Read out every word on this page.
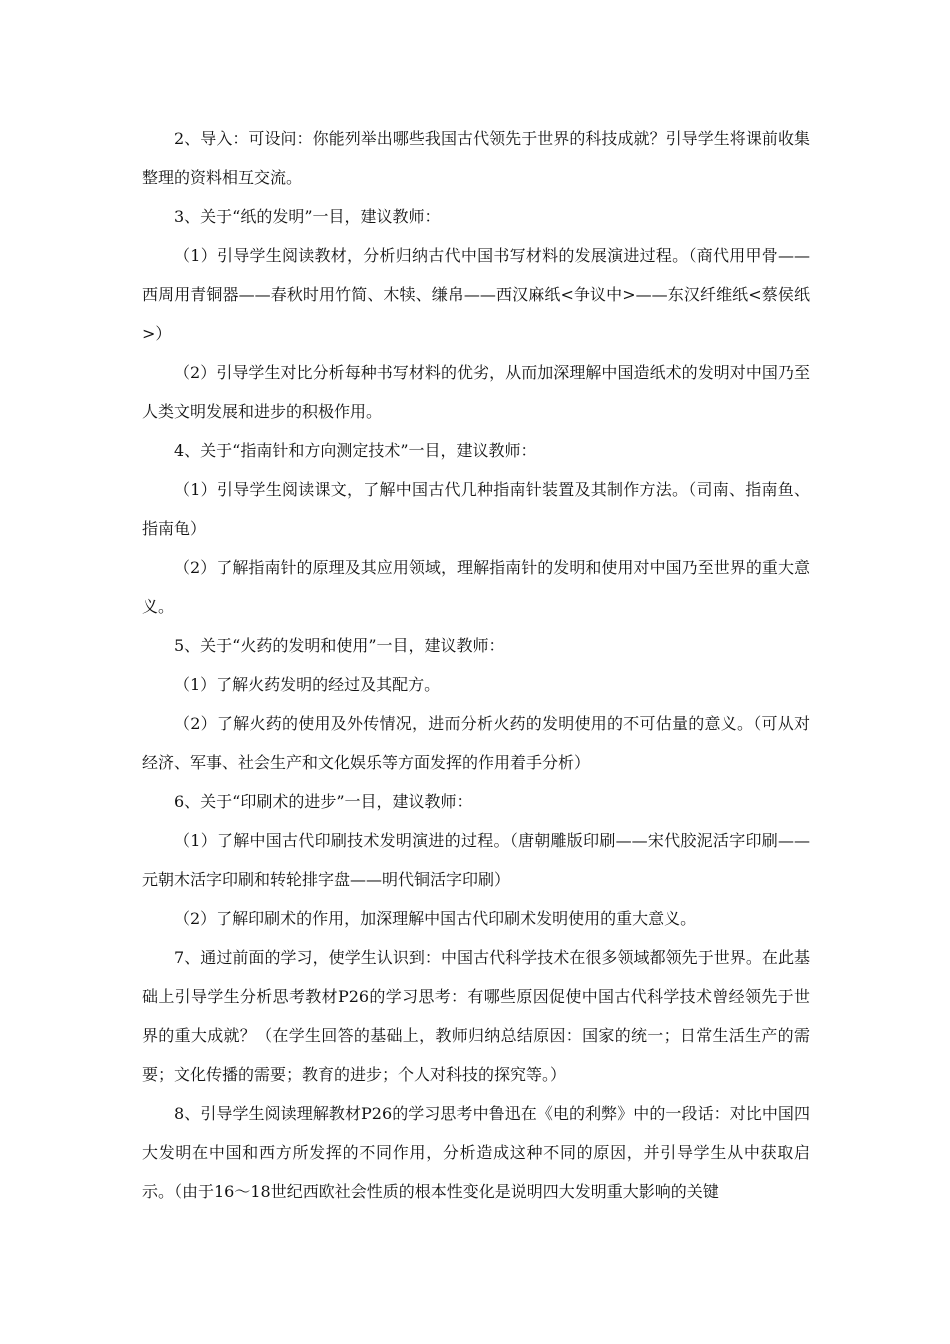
2、导入：可设问：你能列举出哪些我国古代领先于世界的科技成就？引导学生将课前收集整理的资料相互交流。

3、关于“纸的发明”一目，建议教师：

（1）引导学生阅读教材，分析归纳古代中国书写材料的发展演进过程。（商代用甲骨——西周用青铜器——春秋时用竹简、木犊、缣帛——西汉麻纸<争议中>——东汉纤维纸<蔡侯纸>）

（2）引导学生对比分析每种书写材料的优劣，从而加深理解中国造纸术的发明对中国乃至人类文明发展和进步的积极作用。

4、关于“指南针和方向测定技术”一目，建议教师：

（1）引导学生阅读课文，了解中国古代几种指南针装置及其制作方法。（司南、指南鱼、指南龟）

（2）了解指南针的原理及其应用领域，理解指南针的发明和使用对中国乃至世界的重大意义。

5、关于“火药的发明和使用”一目，建议教师：

（1）了解火药发明的经过及其配方。

（2）了解火药的使用及外传情况，进而分析火药的发明使用的不可估量的意义。（可从对经济、军事、社会生产和文化娱乐等方面发挥的作用着手分析）

6、关于“印刷术的进步”一目，建议教师：

（1）了解中国古代印刷技术发明演进的过程。（唐朝雕版印刷——宋代胶泥活字印刷——元朝木活字印刷和转轮排字盘——明代铜活字印刷）

（2）了解印刷术的作用，加深理解中国古代印刷术发明使用的重大意义。

7、通过前面的学习，使学生认识到：中国古代科学技术在很多领域都领先于世界。在此基础上引导学生分析思考教材P26的学习思考：有哪些原因促使中国古代科学技术曾经领先于世界的重大成就？（在学生回答的基础上，教师归纳总结原因：国家的统一；日常生活生产的需要；文化传播的需要；教育的进步；个人对科技的探究等。）

8、引导学生阅读理解教材P26的学习思考中鲁迅在《电的利弊》中的一段话：对比中国四大发明在中国和西方所发挥的不同作用，分析造成这种不同的原因，并引导学生从中获取启示。（由于16～18世纪西欧社会性质的根本性变化是说明四大发明重大影响的关键
